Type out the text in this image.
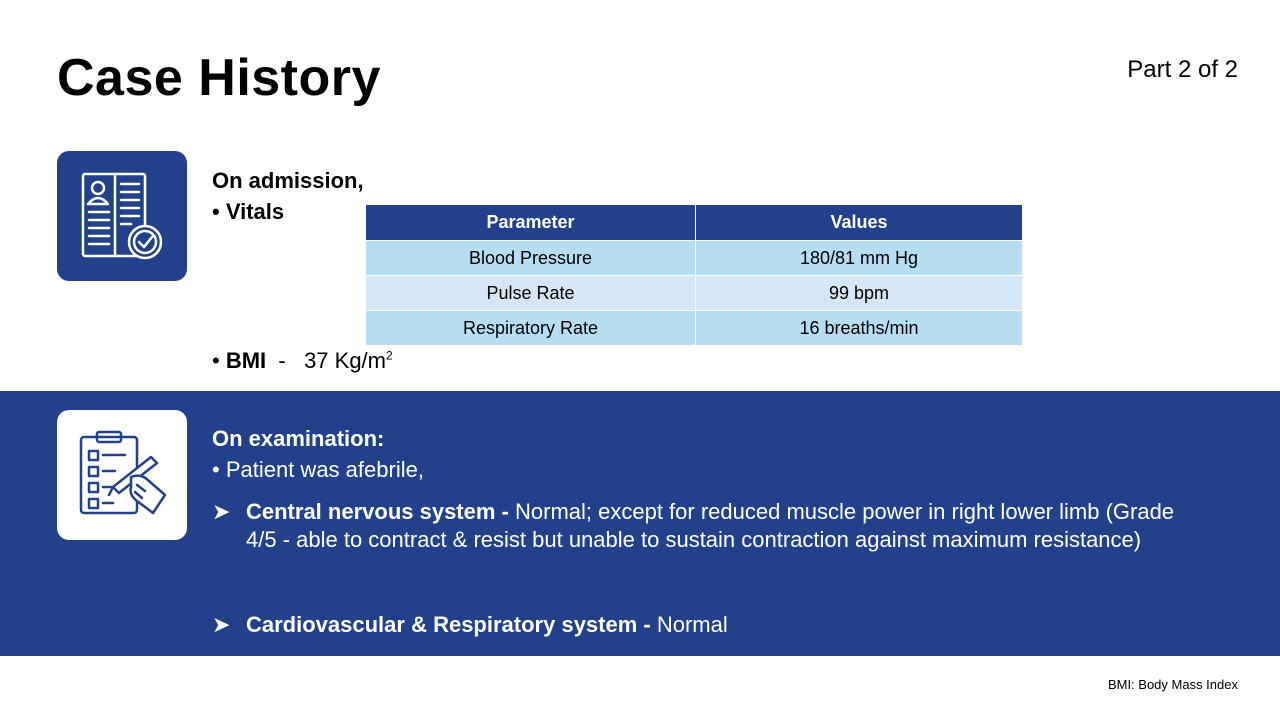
Case History	Part 2 of 2
On admission,
• Vitals	Parameter	Values
Blood Pressure	180/81 mm Hg
Pulse Rate	99 bpm
Respiratory Rate	16 breaths/min
• BMI - 37 $Kg/m^2$
On examination:
• Patient was afebrile,
➤ Central nervous system - Normal; except for reduced muscle power in right lower limb (Grade 4/5 - able to contract & resist but unable to sustain contraction against maximum resistance)
➤ Cardiovascular & Respiratory system - Normal
BMI: Body Mass Index
